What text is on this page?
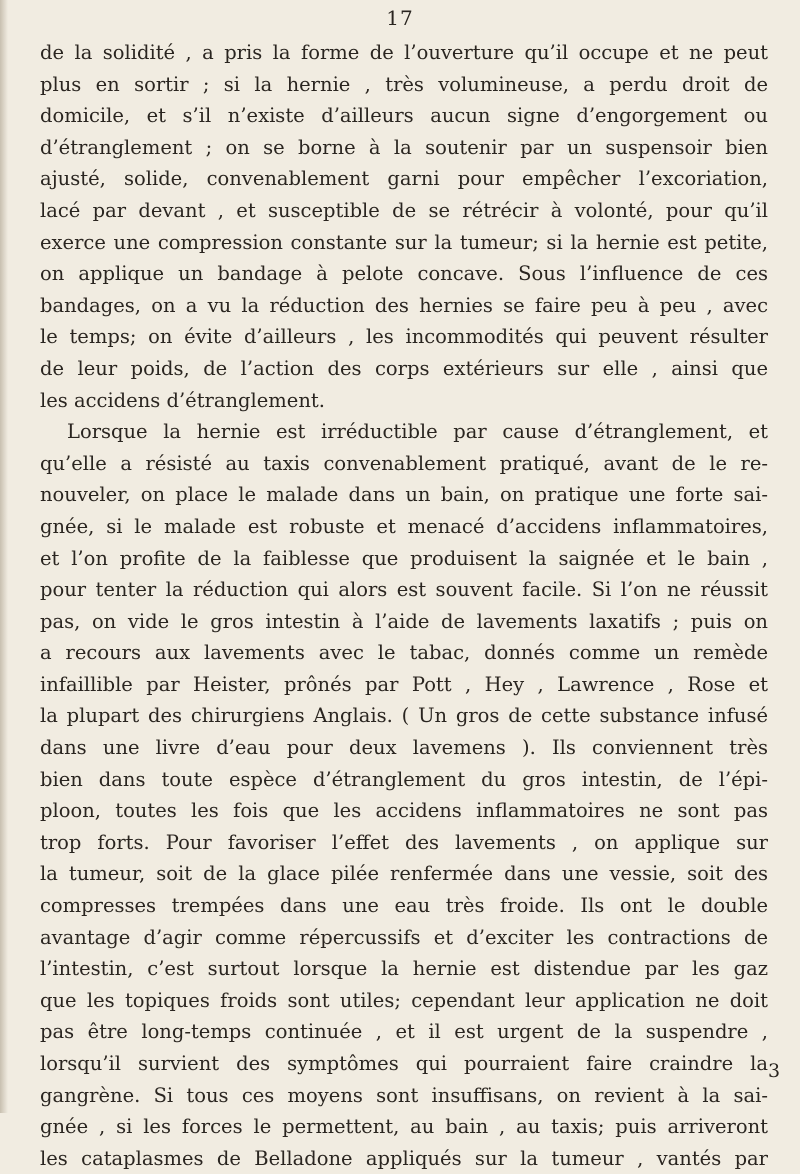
17
de la solidité , a pris la forme de l’ouverture qu’il occupe et ne peut
plus en sortir ; si la hernie , très volumineuse, a perdu droit de
domicile, et s’il n’existe d’ailleurs aucun signe d’engorgement ou
d’étranglement ; on se borne à la soutenir par un suspensoir bien
ajusté, solide, convenablement garni pour empêcher l’excoriation,
lacé par devant , et susceptible de se rétrécir à volonté, pour qu’il
exerce une compression constante sur la tumeur; si la hernie est petite,
on applique un bandage à pelote concave. Sous l’influence de ces
bandages, on a vu la réduction des hernies se faire peu à peu , avec
le temps; on évite d’ailleurs , les incommodités qui peuvent résulter
de leur poids, de l’action des corps extérieurs sur elle , ainsi que
les accidens d’étranglement.
Lorsque la hernie est irréductible par cause d’étranglement, et
qu’elle a résisté au taxis convenablement pratiqué, avant de le re-
nouveler, on place le malade dans un bain, on pratique une forte sai-
gnée, si le malade est robuste et menacé d’accidens inflammatoires,
et l’on profite de la faiblesse que produisent la saignée et le bain ,
pour tenter la réduction qui alors est souvent facile. Si l’on ne réussit
pas, on vide le gros intestin à l’aide de lavements laxatifs ; puis on
a recours aux lavements avec le tabac, donnés comme un remède
infaillible par Heister, prônés par Pott , Hey , Lawrence , Rose et
la plupart des chirurgiens Anglais. ( Un gros de cette substance infusé
dans une livre d’eau pour deux lavemens ). Ils conviennent très
bien dans toute espèce d’étranglement du gros intestin, de l’épi-
ploon, toutes les fois que les accidens inflammatoires ne sont pas
trop forts. Pour favoriser l’effet des lavements , on applique sur
la tumeur, soit de la glace pilée renfermée dans une vessie, soit des
compresses trempées dans une eau très froide. Ils ont le double
avantage d’agir comme répercussifs et d’exciter les contractions de
l’intestin, c’est surtout lorsque la hernie est distendue par les gaz
que les topiques froids sont utiles; cependant leur application ne doit
pas être long-temps continuée , et il est urgent de la suspendre ,
lorsqu’il survient des symptômes qui pourraient faire craindre la
gangrène. Si tous ces moyens sont insuffisans, on revient à la sai-
gnée , si les forces le permettent, au bain , au taxis; puis arriveront
les cataplasmes de Belladone appliqués sur la tumeur , vantés par
3
